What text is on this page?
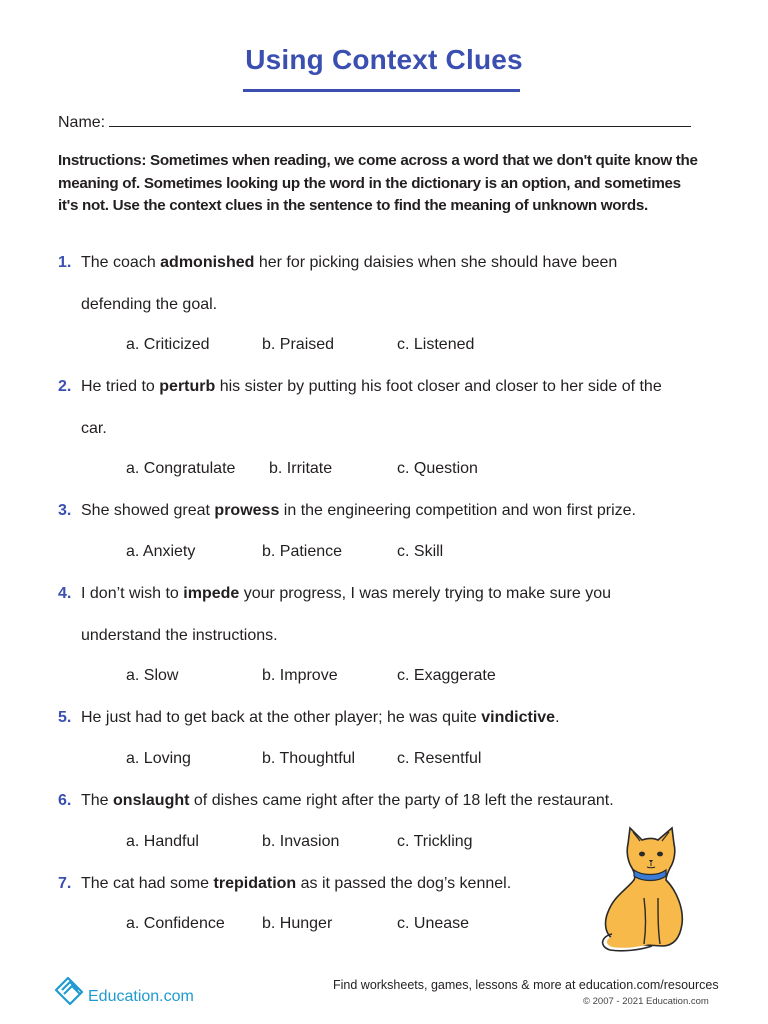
Using Context Clues
Name:
Instructions: Sometimes when reading, we come across a word that we don't quite know the meaning of. Sometimes looking up the word in the dictionary is an option, and sometimes it's not. Use the context clues in the sentence to find the meaning of unknown words.
1. The coach admonished her for picking daisies when she should have been defending the goal.
a. Criticized	b. Praised	c. Listened
2. He tried to perturb his sister by putting his foot closer and closer to her side of the car.
a. Congratulate b. Irritate	c. Question
3. She showed great prowess in the engineering competition and won first prize.
a. Anxiety	b. Patience	c. Skill
4. I don’t wish to impede your progress, I was merely trying to make sure you understand the instructions.
a. Slow	b. Improve	c. Exaggerate
5. He just had to get back at the other player; he was quite vindictive.
a. Loving	b. Thoughtful	c. Resentful
6. The onslaught of dishes came right after the party of 18 left the restaurant.
a. Handful	b. Invasion	c. Trickling
7. The cat had some trepidation as it passed the dog’s kennel.
a. Confidence b. Hunger	c. Unease
Education.com
Find worksheets, games, lessons & more at education.com/resources
© 2007 - 2021 Education.com
